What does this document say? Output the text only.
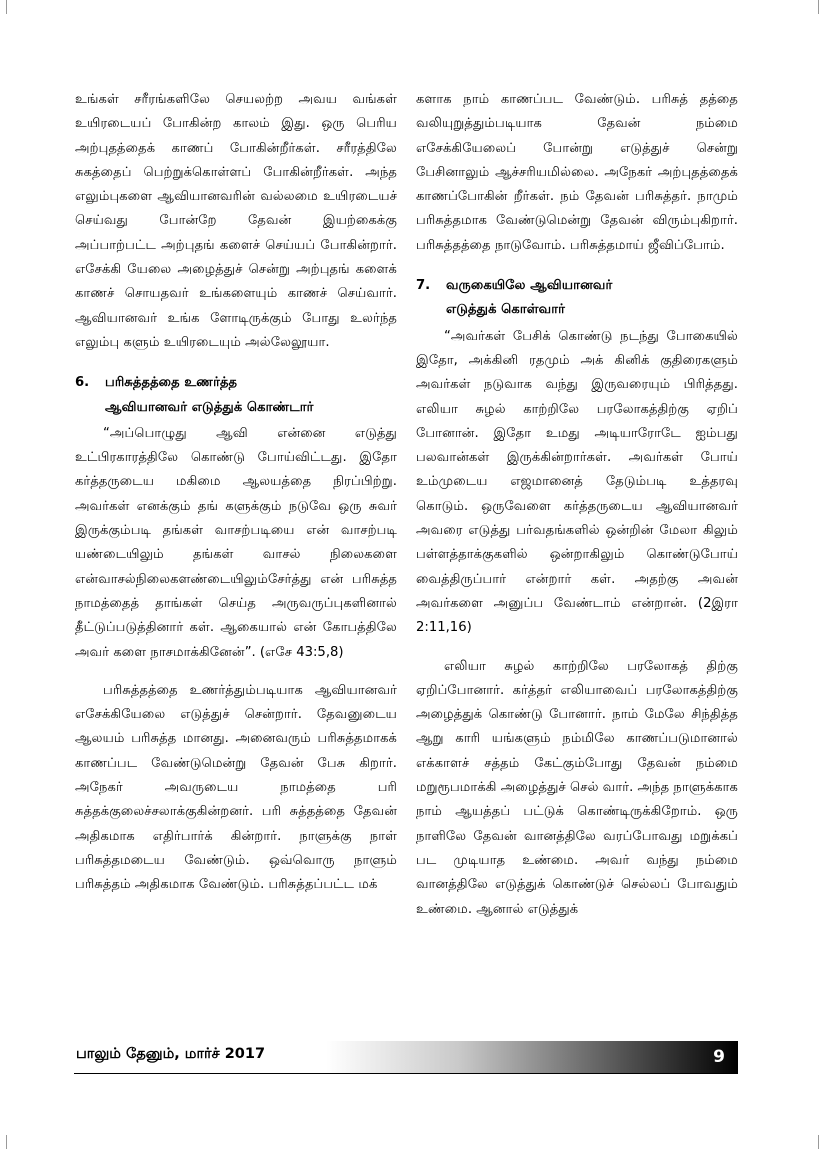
உங்கள் சரீரங்களிலே செயலற்ற அவய வங்கள் உயிரடையப் போகின்ற காலம் இது. ஒரு பெரிய அற்புதத்தைக் காணப் போகின்றீர்கள். சரீரத்திலே சுகத்தைப் பெற்றுக்கொள்ளப் போகின்றீர்கள். அந்த எலும்புகளை ஆவியானவரின் வல்லமை உயிரடையச் செய்வது போன்றே தேவன் இயற்கைக்கு அப்பாற்பட்ட அற்புதங் களைச் செய்யப் போகின்றார். எசேக்கி யேலை அழைத்துச் சென்று அற்புதங் களைக் காணச் சொயதவர் உங்களையும் காணச் செய்வார். ஆவியானவர் உங்க ளோடிருக்கும் போது உலர்ந்த எலும்பு களும் உயிரடையும் அல்லேலூயா.

6.	பரிசுத்தத்தை உணர்த்த
ஆவியானவர் எடுத்துக் கொண்டார்

“அப்பொழுது ஆவி என்னை எடுத்து உட்பிரகாரத்திலே கொண்டு போய்விட்டது. இதோ கர்த்தருடைய மகிமை ஆலயத்தை நிரப்பிற்று. அவர்கள் எனக்கும் தங் களுக்கும் நடுவே ஒரு சுவர் இருக்கும்படி தங்கள் வாசற்படியை என் வாசற்படி யண்டையிலும் தங்கள் வாசல் நிலைகளை என்வாசல்நிலைகளண்டையிலும்சேர்த்து என் பரிசுத்த நாமத்தைத் தாங்கள் செய்த அருவருப்புகளினால் தீட்டுப்படுத்தினார் கள். ஆகையால் என் கோபத்திலே அவர் களை நாசமாக்கினேன்”. (எசே 43:5,8)

பரிசுத்தத்தை உணர்த்தும்படியாக ஆவியானவர் எசேக்கியேலை எடுத்துச் சென்றார். தேவனுடைய ஆலயம் பரிசுத்த மானது. அனைவரும் பரிசுத்தமாகக் காணப்பட வேண்டுமென்று தேவன் பேசு கிறார். அநேகர் அவருடைய நாமத்தை பரி சுத்தக்குலைச்சலாக்குகின்றனர். பரி சுத்தத்தை தேவன் அதிகமாக எதிர்பார்க் கின்றார். நாளுக்கு நாள் பரிசுத்தமடைய வேண்டும். ஒவ்வொரு நாளும் பரிசுத்தம் அதிகமாக வேண்டும். பரிசுத்தப்பட்ட மக்

களாக நாம் காணப்பட வேண்டும். பரிசுத் தத்தை வலியுறுத்தும்படியாக தேவன் நம்மை எசேக்கியேலைப் போன்று எடுத்துச் சென்று பேசினாலும் ஆச்சரியமில்லை. அநேகர் அற்புதத்தைக் காணப்போகின் றீர்கள். நம் தேவன் பரிசுத்தர். நாமும் பரிசுத்தமாக வேண்டுமென்று தேவன் விரும்புகிறார். பரிசுத்தத்தை நாடுவோம். பரிசுத்தமாய் ஜீவிப்போம்.

7.	வருகையிலே ஆவியானவர்
எடுத்துக் கொள்வார்

“அவர்கள் பேசிக் கொண்டு நடந்து போகையில் இதோ, அக்கினி ரதமும் அக் கினிக் குதிரைகளும் அவர்கள் நடுவாக வந்து இருவரையும் பிரித்தது. எலியா சுழல் காற்றிலே பரலோகத்திற்கு ஏறிப் போனான். இதோ உமது அடியாரோடே ஐம்பது பலவான்கள் இருக்கின்றார்கள். அவர்கள் போய் உம்முடைய எஜமானைத் தேடும்படி உத்தரவு கொடும். ஒருவேளை கர்த்தருடைய ஆவியானவர் அவரை எடுத்து பர்வதங்களில் ஒன்றின் மேலா கிலும் பள்ளத்தாக்குகளில் ஒன்றாகிலும் கொண்டுபோய் வைத்திருப்பார் என்றார் கள். அதற்கு அவன் அவர்களை அனுப்ப வேண்டாம் என்றான். (2இரா 2:11,16)

எலியா சுழல் காற்றிலே பரலோகத் திற்கு ஏறிப்போனார். கர்த்தர் எலியாவைப் பரலோகத்திற்கு அழைத்துக் கொண்டு போனார். நாம் மேலே சிந்தித்த ஆறு காரி யங்களும் நம்மிலே காணப்படுமானால் எக்காளச் சத்தம் கேட்கும்போது தேவன் நம்மை மறுரூபமாக்கி அழைத்துச் செல் வார். அந்த நாளுக்காக நாம் ஆயத்தப் பட்டுக் கொண்டிருக்கிறோம். ஒரு நாளிலே தேவன் வானத்திலே வரப்போவது மறுக்கப் பட முடியாத உண்மை. அவர் வந்து நம்மை வானத்திலே எடுத்துக் கொண்டுச் செல்லப் போவதும் உண்மை. ஆனால் எடுத்துக்

பாலும் தேனும், மார்ச் 2017	9
